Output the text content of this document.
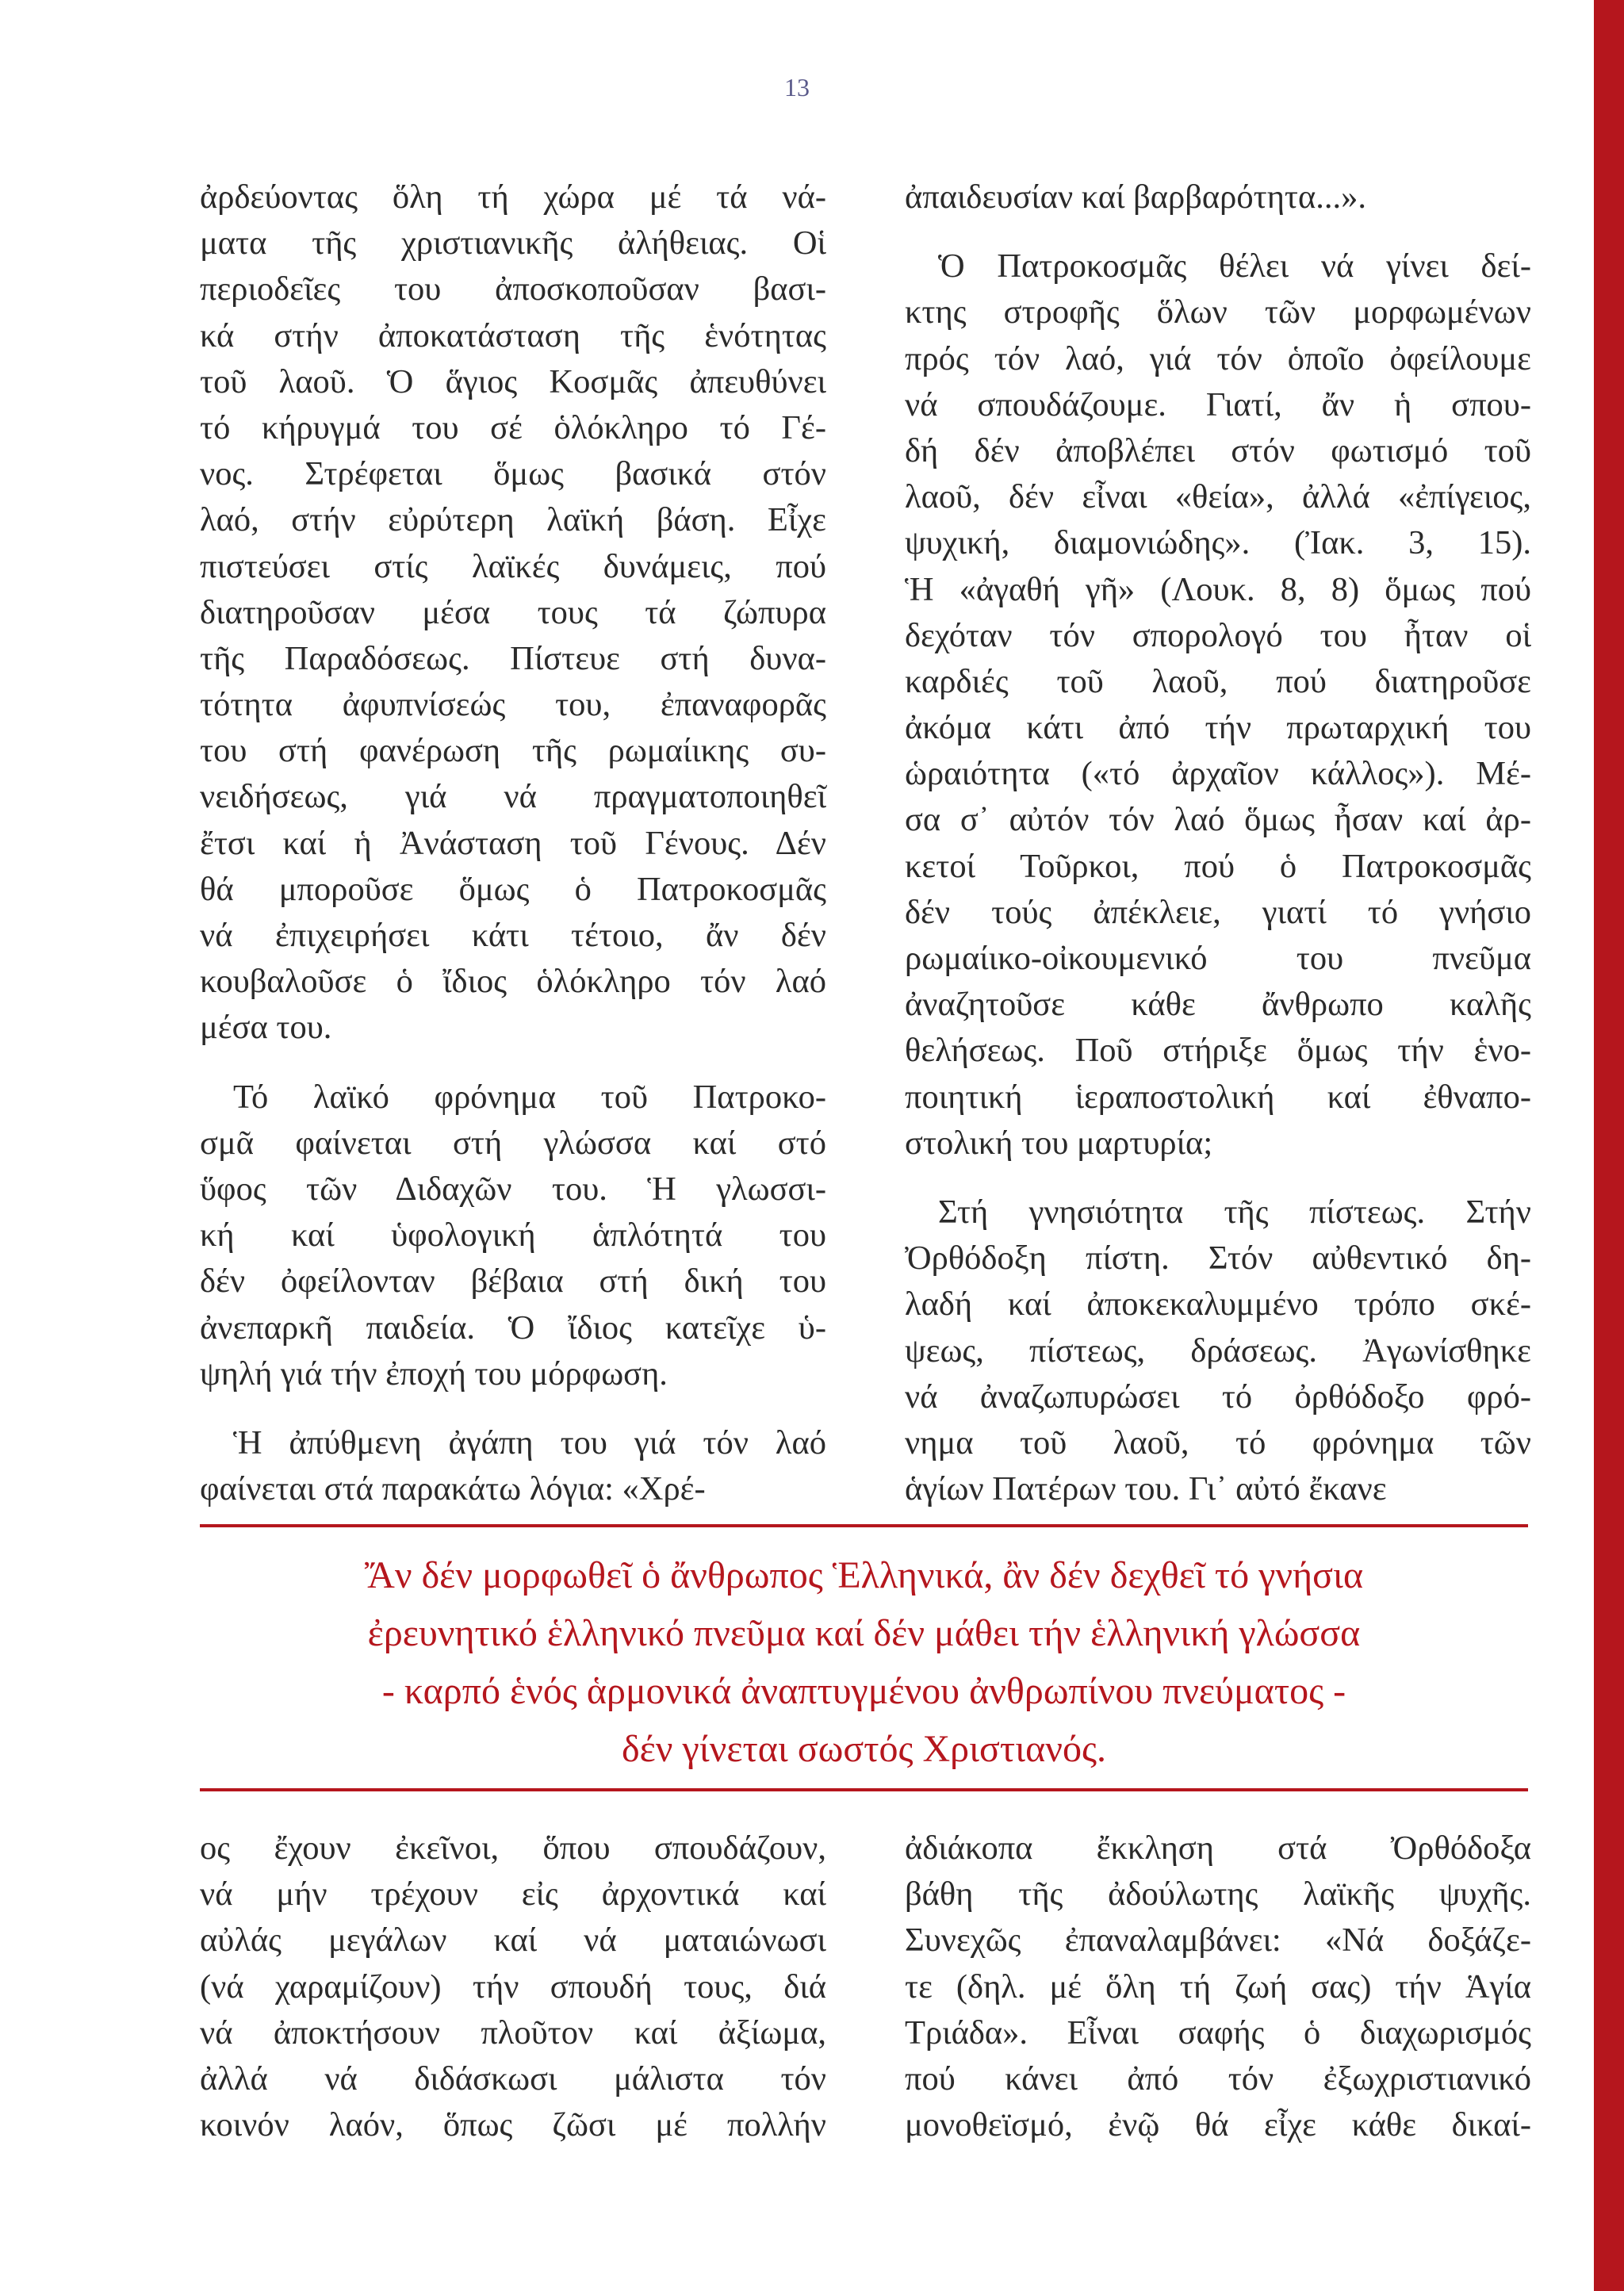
13
ἀρδεύοντας ὅλη τή χώρα μέ τά νά-
ματα τῆς χριστιανικῆς ἀλήθειας. Οἱ
περιοδεῖες του ἀποσκοποῦσαν βασι-
κά στήν ἀποκατάσταση τῆς ἑνότητας
τοῦ λαοῦ. Ὁ ἅγιος Κοσμᾶς ἀπευθύνει
τό κήρυγμά του σέ ὁλόκληρο τό Γέ-
νος. Στρέφεται ὅμως βασικά στόν
λαό, στήν εὐρύτερη λαϊκή βάση. Εἶχε
πιστεύσει στίς λαϊκές δυνάμεις, πού
διατηροῦσαν μέσα τους τά ζώπυρα
τῆς Παραδόσεως. Πίστευε στή δυνα-
τότητα ἀφυπνίσεώς του, ἐπαναφορᾶς
του στή φανέρωση τῆς ρωμαίικης συ-
νειδήσεως, γιά νά πραγματοποιηθεῖ
ἔτσι καί ἡ Ἀνάσταση τοῦ Γένους. Δέν
θά μποροῦσε ὅμως ὁ Πατροκοσμᾶς
νά ἐπιχειρήσει κάτι τέτοιο, ἄν δέν
κουβαλοῦσε ὁ ἴδιος ὁλόκληρο τόν λαό
μέσα του.
Τό λαϊκό φρόνημα τοῦ Πατροκο-
σμᾶ φαίνεται στή γλώσσα καί στό
ὕφος τῶν Διδαχῶν του. Ἡ γλωσσι-
κή καί ὑφολογική ἁπλότητά του
δέν ὀφείλονταν βέβαια στή δική του
ἀνεπαρκῆ παιδεία. Ὁ ἴδιος κατεῖχε ὑ-
ψηλή γιά τήν ἐποχή του μόρφωση.
Ἡ ἀπύθμενη ἀγάπη του γιά τόν λαό
φαίνεται στά παρακάτω λόγια: «Χρέ-
ἀπαιδευσίαν καί βαρβαρότητα...».
Ὁ Πατροκοσμᾶς θέλει νά γίνει δεί-
κτης στροφῆς ὅλων τῶν μορφωμένων
πρός τόν λαό, γιά τόν ὁποῖο ὀφείλουμε
νά σπουδάζουμε. Γιατί, ἄν ἡ σπου-
δή δέν ἀποβλέπει στόν φωτισμό τοῦ
λαοῦ, δέν εἶναι «θεία», ἀλλά «ἐπίγειος,
ψυχική, διαμονιώδης». (Ἰακ. 3, 15).
Ἡ «ἀγαθή γῆ» (Λουκ. 8, 8) ὅμως πού
δεχόταν τόν σπορολογό του ἦταν οἱ
καρδιές τοῦ λαοῦ, πού διατηροῦσε
ἀκόμα κάτι ἀπό τήν πρωταρχική του
ὡραιότητα («τό ἀρχαῖον κάλλος»). Μέ-
σα σ᾽ αὐτόν τόν λαό ὅμως ἦσαν καί ἀρ-
κετοί Τοῦρκοι, πού ὁ Πατροκοσμᾶς
δέν τούς ἀπέκλειε, γιατί τό γνήσιο
ρωμαίικο-οἰκουμενικό του πνεῦμα
ἀναζητοῦσε κάθε ἄνθρωπο καλῆς
θελήσεως. Ποῦ στήριξε ὅμως τήν ἑνο-
ποιητική ἱεραποστολική καί ἐθναπο-
στολική του μαρτυρία;
Στή γνησιότητα τῆς πίστεως. Στήν
Ὀρθόδοξη πίστη. Στόν αὐθεντικό δη-
λαδή καί ἀποκεκαλυμμένο τρόπο σκέ-
ψεως, πίστεως, δράσεως. Ἀγωνίσθηκε
νά ἀναζωπυρώσει τό ὀρθόδοξο φρό-
νημα τοῦ λαοῦ, τό φρόνημα τῶν
ἁγίων Πατέρων του. Γι᾽ αὐτό ἔκανε
Ἄν δέν μορφωθεῖ ὁ ἄνθρωπος Ἑλληνικά, ἂν δέν δεχθεῖ τό γνήσια
ἐρευνητικό ἑλληνικό πνεῦμα καί δέν μάθει τήν ἑλληνική γλώσσα
- καρπό ἑνός ἁρμονικά ἀναπτυγμένου ἀνθρωπίνου πνεύματος -
δέν γίνεται σωστός Χριστιανός.
ος ἔχουν ἐκεῖνοι, ὅπου σπουδάζουν,
νά μήν τρέχουν εἰς ἀρχοντικά καί
αὐλάς μεγάλων καί νά ματαιώνωσι
(νά χαραμίζουν) τήν σπουδή τους, διά
νά ἀποκτήσουν πλοῦτον καί ἀξίωμα,
ἀλλά νά διδάσκωσι μάλιστα τόν
κοινόν λαόν, ὅπως ζῶσι μέ πολλήν
ἀδιάκοπα ἔκκληση στά Ὀρθόδοξα
βάθη τῆς ἀδούλωτης λαϊκῆς ψυχῆς.
Συνεχῶς ἐπαναλαμβάνει: «Νά δοξάζε-
τε (δηλ. μέ ὅλη τή ζωή σας) τήν Ἁγία
Τριάδα». Εἶναι σαφής ὁ διαχωρισμός
πού κάνει ἀπό τόν ἐξωχριστιανικό
μονοθεϊσμό, ἐνῷ θά εἶχε κάθε δικαί-
